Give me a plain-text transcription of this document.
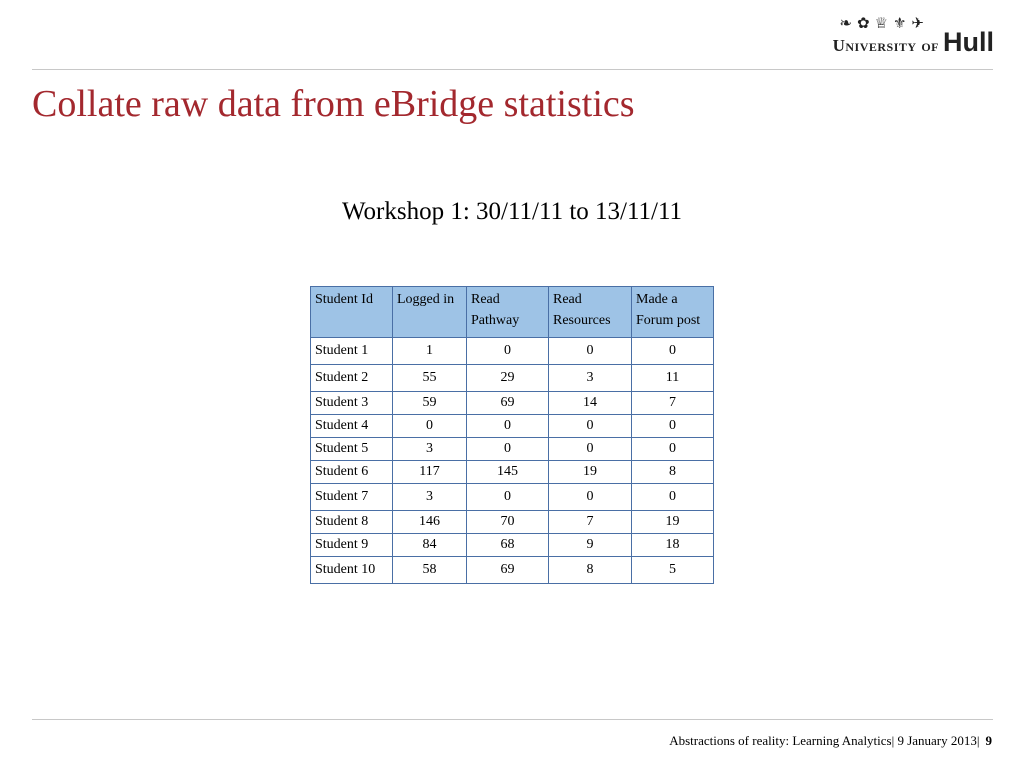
❧ ✿ ♕ ⚜ ✈
University of Hull
Collate raw data from eBridge statistics
Workshop 1: 30/11/11 to 13/11/11
Student Id	Logged in	Read Pathway	Read Resources	Made a Forum post
Student 1	1	0	0	0
Student 2	55	29	3	11
Student 3	59	69	14	7
Student 4	0	0	0	0
Student 5	3	0	0	0
Student 6	117	145	19	8
Student 7	3	0	0	0
Student 8	146	70	7	19
Student 9	84	68	9	18
Student 10	58	69	8	5
Abstractions of reality: Learning Analytics| 9 January 2013| 9
